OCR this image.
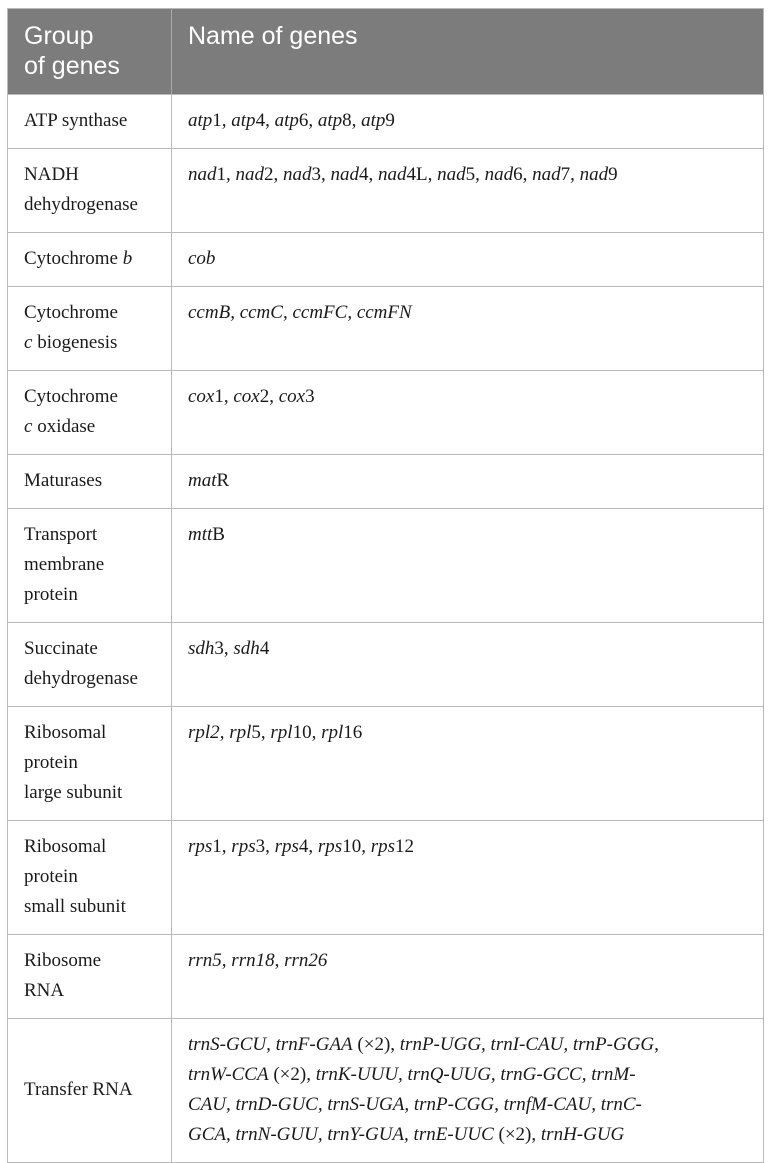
Group
of genes	Name of genes
ATP synthase	atp1, atp4, atp6, atp8, atp9
NADH
dehydrogenase	nad1, nad2, nad3, nad4, nad4L, nad5, nad6, nad7, nad9
Cytochrome b	cob
Cytochrome
c biogenesis	ccmB, ccmC, ccmFC, ccmFN
Cytochrome
c oxidase	cox1, cox2, cox3
Maturases	matR
Transport
membrane
protein	mttB
Succinate
dehydrogenase	sdh3, sdh4
Ribosomal
protein
large subunit	rpl2, rpl5, rpl10, rpl16
Ribosomal
protein
small subunit	rps1, rps3, rps4, rps10, rps12
Ribosome
RNA	rrn5, rrn18, rrn26
Transfer RNA	trnS-GCU, trnF-GAA (×2), trnP-UGG, trnI-CAU, trnP-GGG,
trnW-CCA (×2), trnK-UUU, trnQ-UUG, trnG-GCC, trnM-
CAU, trnD-GUC, trnS-UGA, trnP-CGG, trnfM-CAU, trnC-
GCA, trnN-GUU, trnY-GUA, trnE-UUC (×2), trnH-GUG
